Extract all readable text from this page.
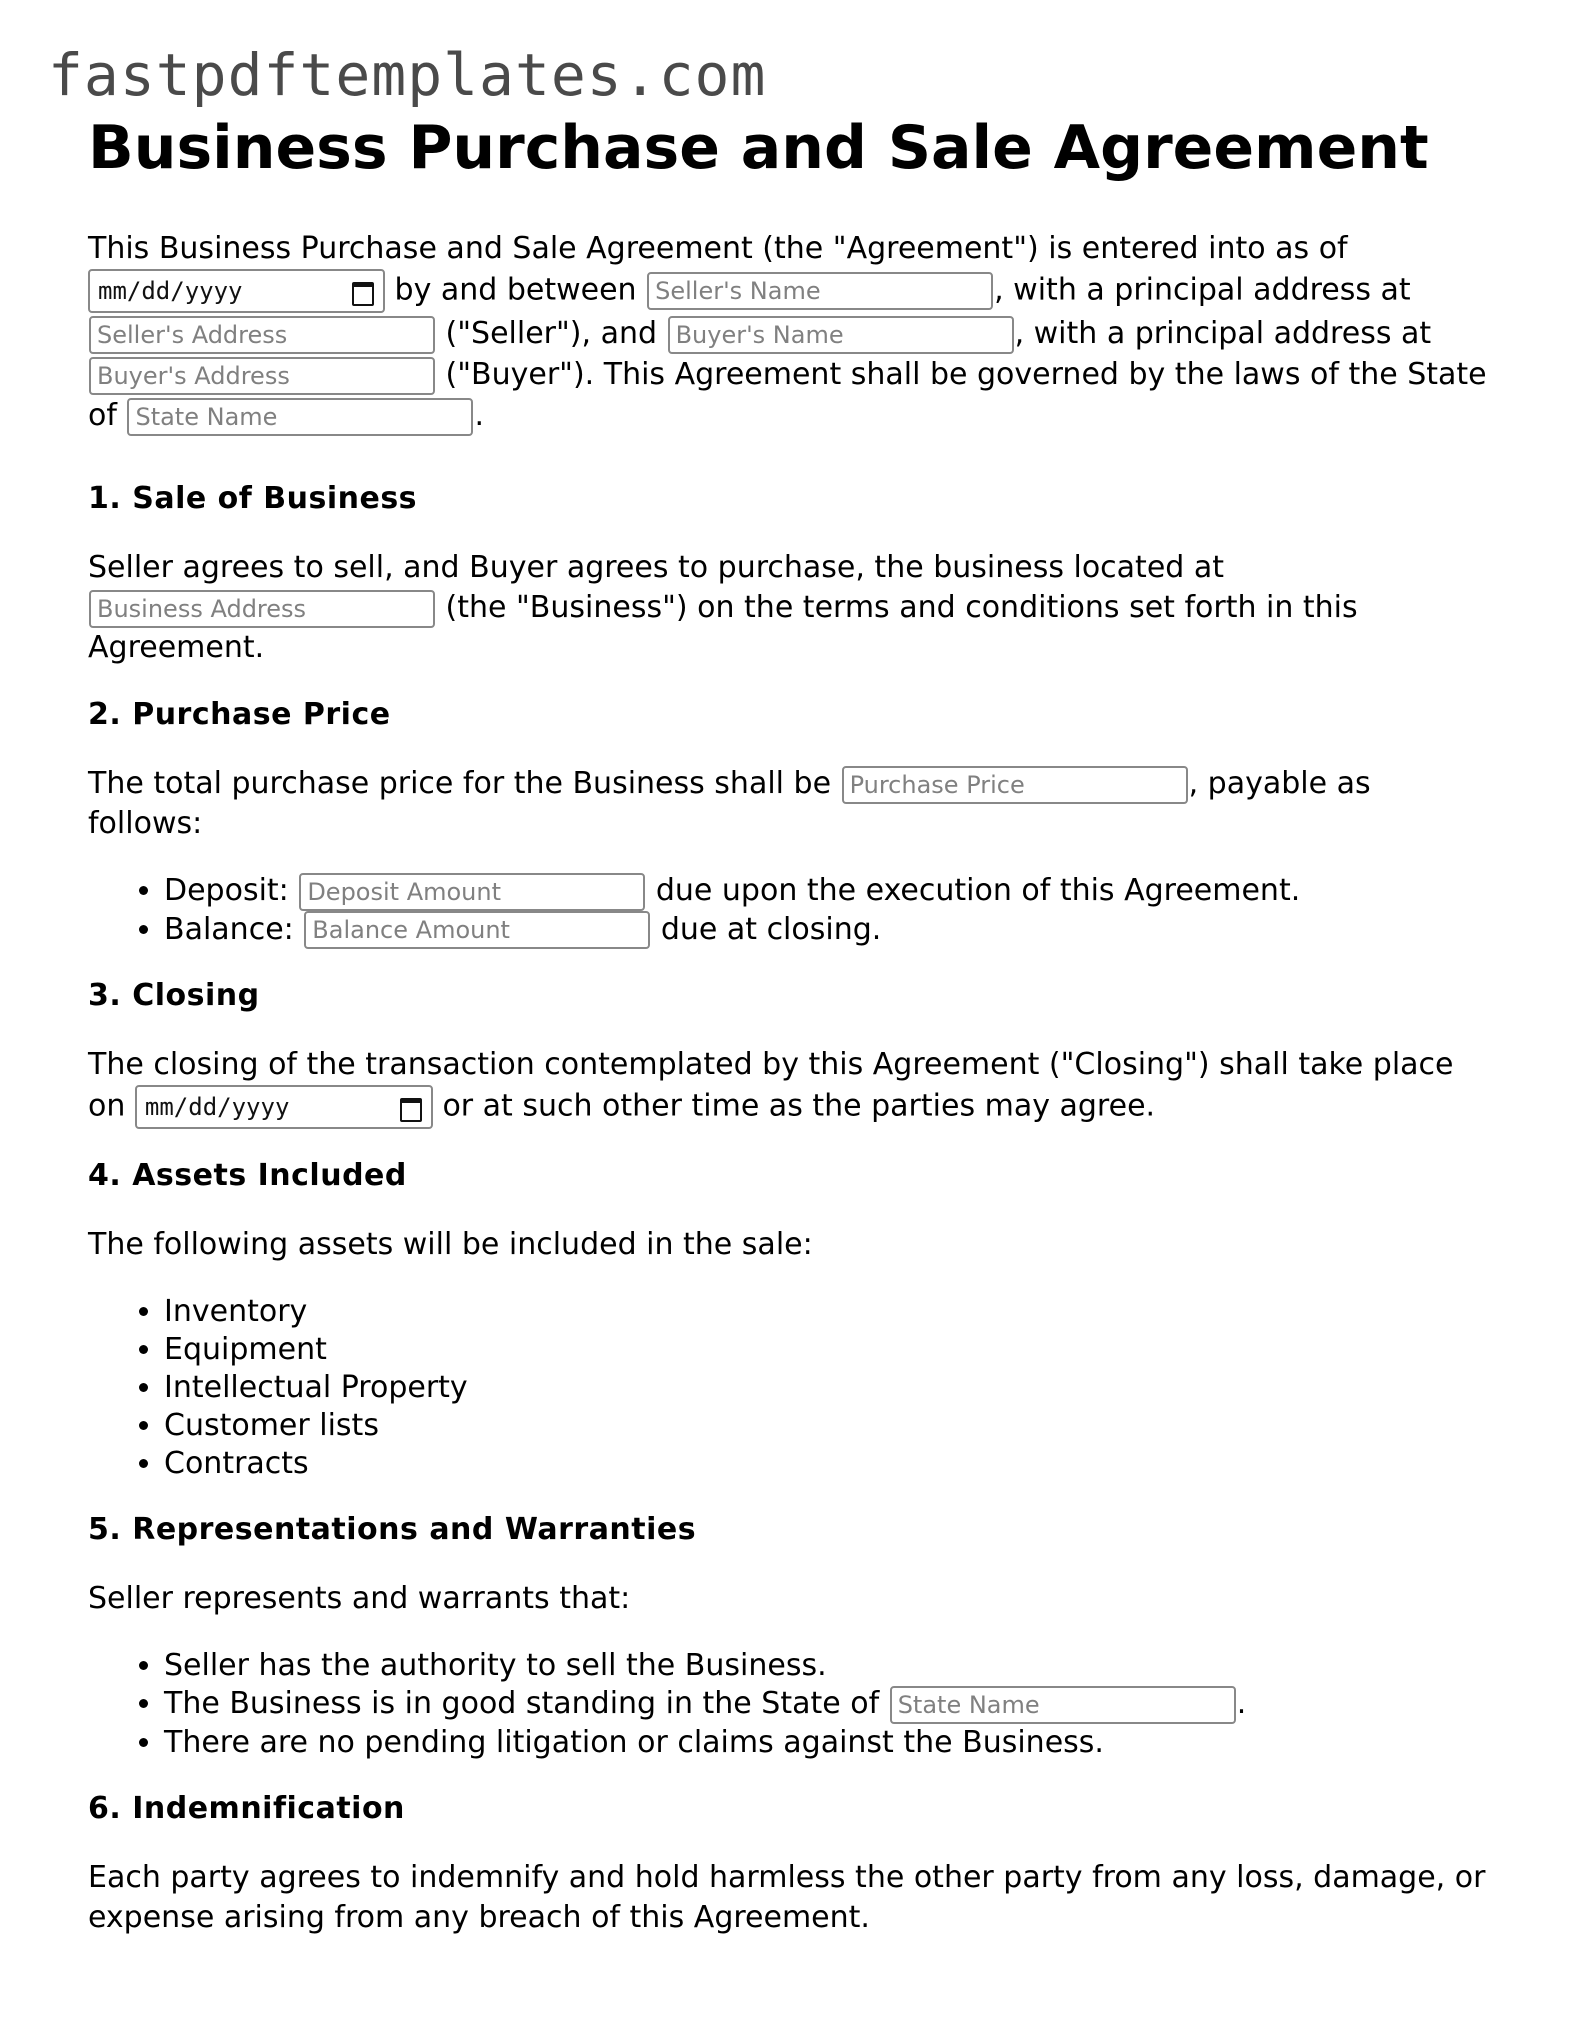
fastpdftemplates.com
Business Purchase and Sale Agreement

This Business Purchase and Sale Agreement (the "Agreement") is entered into as of

mm/dd/yyyy	by and between Seller's Name	, with a principal address at
Seller's Address ("Seller"), and Buyer's Name	, with a principal address at
Buyer's Address ("Buyer"). This Agreement shall be governed by the laws of the State of State Name	.

1. Sale of Business

Seller agrees to sell, and Buyer agrees to purchase, the business located at
Business Address (the "Business") on the terms and conditions set forth in this Agreement.

2. Purchase Price

The total purchase price for the Business shall be Purchase Price	, payable as follows:

• Deposit: Deposit Amount	due upon the execution of this Agreement.
• Balance: Balance Amount	due at closing.
3. Closing

The closing of the transaction contemplated by this Agreement ("Closing") shall take place on mm/dd/yyyy	or at such other time as the parties may agree.

4. Assets Included

The following assets will be included in the sale:

• Inventory
• Equipment
• Intellectual Property
• Customer lists
• Contracts
5. Representations and Warranties

Seller represents and warrants that:

• Seller has the authority to sell the Business.
• The Business is in good standing in the State of State Name	.
• There are no pending litigation or claims against the Business.
6. Indemnification

Each party agrees to indemnify and hold harmless the other party from any loss, damage, or expense arising from any breach of this Agreement.
